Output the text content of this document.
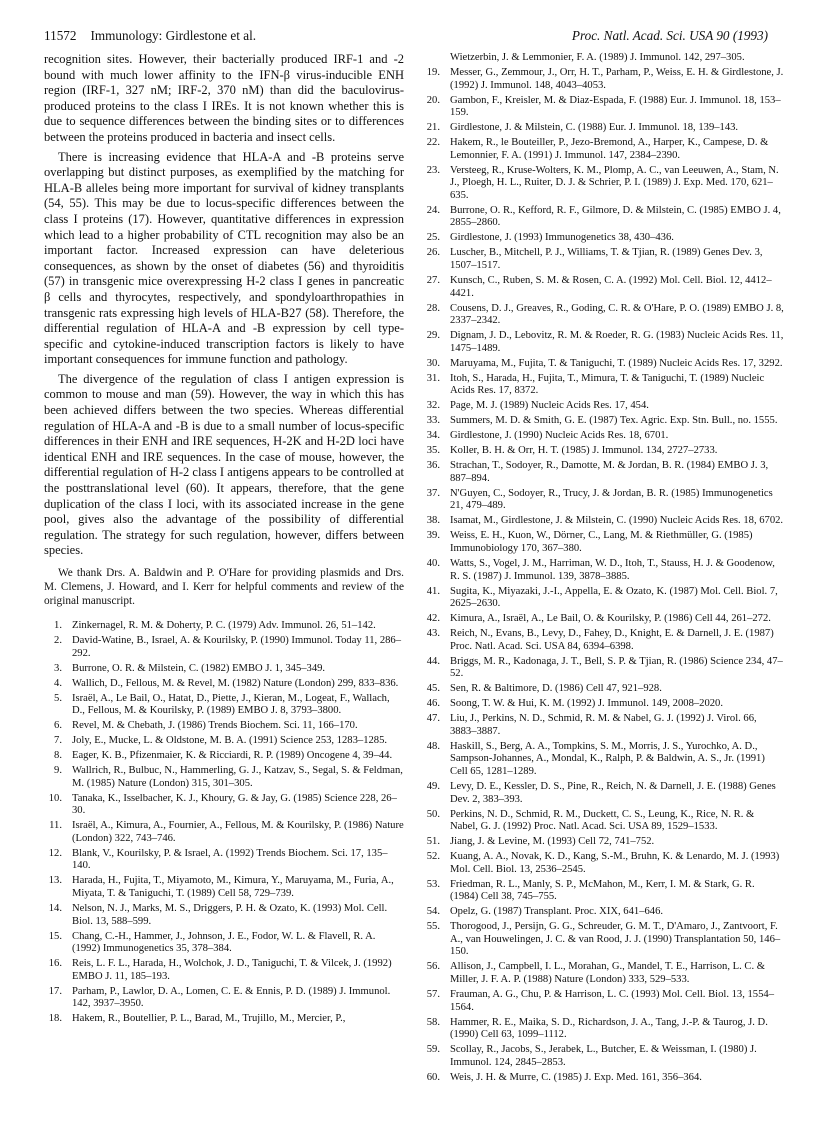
11572 Immunology: Girdlestone et al.	Proc. Natl. Acad. Sci. USA 90 (1993)

recognition sites. However, their bacterially produced IRF-1 and -2 bound with much lower affinity to the IFN-β virus-inducible ENH region (IRF-1, 327 nM; IRF-2, 370 nM) than did the baculovirus-produced proteins to the class I IREs. It is not known whether this is due to sequence differences between the binding sites or to differences between the proteins produced in bacteria and insect cells.

There is increasing evidence that HLA-A and -B proteins serve overlapping but distinct purposes, as exemplified by the matching for HLA-B alleles being more important for survival of kidney transplants (54, 55). This may be due to locus-specific differences between the class I proteins (17). However, quantitative differences in expression which lead to a higher probability of CTL recognition may also be an important factor. Increased expression can have deleterious consequences, as shown by the onset of diabetes (56) and thyroiditis (57) in transgenic mice overexpressing H-2 class I genes in pancreatic β cells and thyrocytes, respectively, and spondyloarthropathies in transgenic rats expressing high levels of HLA-B27 (58). Therefore, the differential regulation of HLA-A and -B expression by cell type-specific and cytokine-induced transcription factors is likely to have important consequences for immune function and pathology.

The divergence of the regulation of class I antigen expression is common to mouse and man (59). However, the way in which this has been achieved differs between the two species. Whereas differential regulation of HLA-A and -B is due to a small number of locus-specific differences in their ENH and IRE sequences, H-2K and H-2D loci have identical ENH and IRE sequences. In the case of mouse, however, the differential regulation of H-2 class I antigens appears to be controlled at the posttranslational level (60). It appears, therefore, that the gene duplication of the class I loci, with its associated increase in the gene pool, gives also the advantage of the possibility of differential regulation. The strategy for such regulation, however, differs between species.

We thank Drs. A. Baldwin and P. O'Hare for providing plasmids and Drs. M. Clemens, J. Howard, and I. Kerr for helpful comments and review of the original manuscript.

1. Zinkernagel, R. M. & Doherty, P. C. (1979) Adv. Immunol. 26, 51–142.
2. David-Watine, B., Israel, A. & Kourilsky, P. (1990) Immunol. Today 11, 286–292.
3. Burrone, O. R. & Milstein, C. (1982) EMBO J. 1, 345–349.
4. Wallich, D., Fellous, M. & Revel, M. (1982) Nature (London) 299, 833–836.
5. Israël, A., Le Bail, O., Hatat, D., Piette, J., Kieran, M., Logeat, F., Wallach, D., Fellous, M. & Kourilsky, P. (1989) EMBO J. 8, 3793–3800.
6. Revel, M. & Chebath, J. (1986) Trends Biochem. Sci. 11, 166–170.
7. Joly, E., Mucke, L. & Oldstone, M. B. A. (1991) Science 253, 1283–1285.
8. Eager, K. B., Pfizenmaier, K. & Ricciardi, R. P. (1989) Oncogene 4, 39–44.
9. Wallrich, R., Bulbuc, N., Hammerling, G. J., Katzav, S., Segal, S. & Feldman, M. (1985) Nature (London) 315, 301–305.
10. Tanaka, K., Isselbacher, K. J., Khoury, G. & Jay, G. (1985) Science 228, 26–30.
11. Israël, A., Kimura, A., Fournier, A., Fellous, M. & Kourilsky, P. (1986) Nature (London) 322, 743–746.
12. Blank, V., Kourilsky, P. & Israel, A. (1992) Trends Biochem. Sci. 17, 135–140.
13. Harada, H., Fujita, T., Miyamoto, M., Kimura, Y., Maruyama, M., Furia, A., Miyata, T. & Taniguchi, T. (1989) Cell 58, 729–739.
14. Nelson, N. J., Marks, M. S., Driggers, P. H. & Ozato, K. (1993) Mol. Cell. Biol. 13, 588–599.
15. Chang, C.-H., Hammer, J., Johnson, J. E., Fodor, W. L. & Flavell, R. A. (1992) Immunogenetics 35, 378–384.
16. Reis, L. F. L., Harada, H., Wolchok, J. D., Taniguchi, T. & Vilcek, J. (1992) EMBO J. 11, 185–193.
17. Parham, P., Lawlor, D. A., Lomen, C. E. & Ennis, P. D. (1989) J. Immunol. 142, 3937–3950.
18. Hakem, R., Boutellier, P. L., Barad, M., Trujillo, M., Mercier, P.,
Wietzerbin, J. & Lemmonier, F. A. (1989) J. Immunol. 142, 297–305.
19. Messer, G., Zemmour, J., Orr, H. T., Parham, P., Weiss, E. H. & Girdlestone, J. (1992) J. Immunol. 148, 4043–4053.
20. Gambon, F., Kreisler, M. & Diaz-Espada, F. (1988) Eur. J. Immunol. 18, 153–159.
21. Girdlestone, J. & Milstein, C. (1988) Eur. J. Immunol. 18, 139–143.
22. Hakem, R., le Bouteiller, P., Jezo-Bremond, A., Harper, K., Campese, D. & Lemonnier, F. A. (1991) J. Immunol. 147, 2384–2390.
23. Versteeg, R., Kruse-Wolters, K. M., Plomp, A. C., van Leeuwen, A., Stam, N. J., Ploegh, H. L., Ruiter, D. J. & Schrier, P. I. (1989) J. Exp. Med. 170, 621–635.
24. Burrone, O. R., Kefford, R. F., Gilmore, D. & Milstein, C. (1985) EMBO J. 4, 2855–2860.
25. Girdlestone, J. (1993) Immunogenetics 38, 430–436.
26. Luscher, B., Mitchell, P. J., Williams, T. & Tjian, R. (1989) Genes Dev. 3, 1507–1517.
27. Kunsch, C., Ruben, S. M. & Rosen, C. A. (1992) Mol. Cell. Biol. 12, 4412–4421.
28. Cousens, D. J., Greaves, R., Goding, C. R. & O'Hare, P. O. (1989) EMBO J. 8, 2337–2342.
29. Dignam, J. D., Lebovitz, R. M. & Roeder, R. G. (1983) Nucleic Acids Res. 11, 1475–1489.
30. Maruyama, M., Fujita, T. & Taniguchi, T. (1989) Nucleic Acids Res. 17, 3292.
31. Itoh, S., Harada, H., Fujita, T., Mimura, T. & Taniguchi, T. (1989) Nucleic Acids Res. 17, 8372.
32. Page, M. J. (1989) Nucleic Acids Res. 17, 454.
33. Summers, M. D. & Smith, G. E. (1987) Tex. Agric. Exp. Stn. Bull., no. 1555.
34. Girdlestone, J. (1990) Nucleic Acids Res. 18, 6701.
35. Koller, B. H. & Orr, H. T. (1985) J. Immunol. 134, 2727–2733.
36. Strachan, T., Sodoyer, R., Damotte, M. & Jordan, B. R. (1984) EMBO J. 3, 887–894.
37. N'Guyen, C., Sodoyer, R., Trucy, J. & Jordan, B. R. (1985) Immunogenetics 21, 479–489.
38. Isamat, M., Girdlestone, J. & Milstein, C. (1990) Nucleic Acids Res. 18, 6702.
39. Weiss, E. H., Kuon, W., Dörner, C., Lang, M. & Riethmüller, G. (1985) Immunobiology 170, 367–380.
40. Watts, S., Vogel, J. M., Harriman, W. D., Itoh, T., Stauss, H. J. & Goodenow, R. S. (1987) J. Immunol. 139, 3878–3885.
41. Sugita, K., Miyazaki, J.-I., Appella, E. & Ozato, K. (1987) Mol. Cell. Biol. 7, 2625–2630.
42. Kimura, A., Israël, A., Le Bail, O. & Kourilsky, P. (1986) Cell 44, 261–272.
43. Reich, N., Evans, B., Levy, D., Fahey, D., Knight, E. & Darnell, J. E. (1987) Proc. Natl. Acad. Sci. USA 84, 6394–6398.
44. Briggs, M. R., Kadonaga, J. T., Bell, S. P. & Tjian, R. (1986) Science 234, 47–52.
45. Sen, R. & Baltimore, D. (1986) Cell 47, 921–928.
46. Soong, T. W. & Hui, K. M. (1992) J. Immunol. 149, 2008–2020.
47. Liu, J., Perkins, N. D., Schmid, R. M. & Nabel, G. J. (1992) J. Virol. 66, 3883–3887.
48. Haskill, S., Berg, A. A., Tompkins, S. M., Morris, J. S., Yurochko, A. D., Sampson-Johannes, A., Mondal, K., Ralph, P. & Baldwin, A. S., Jr. (1991) Cell 65, 1281–1289.
49. Levy, D. E., Kessler, D. S., Pine, R., Reich, N. & Darnell, J. E. (1988) Genes Dev. 2, 383–393.
50. Perkins, N. D., Schmid, R. M., Duckett, C. S., Leung, K., Rice, N. R. & Nabel, G. J. (1992) Proc. Natl. Acad. Sci. USA 89, 1529–1533.
51. Jiang, J. & Levine, M. (1993) Cell 72, 741–752.
52. Kuang, A. A., Novak, K. D., Kang, S.-M., Bruhn, K. & Lenardo, M. J. (1993) Mol. Cell. Biol. 13, 2536–2545.
53. Friedman, R. L., Manly, S. P., McMahon, M., Kerr, I. M. & Stark, G. R. (1984) Cell 38, 745–755.
54. Opelz, G. (1987) Transplant. Proc. XIX, 641–646.
55. Thorogood, J., Persijn, G. G., Schreuder, G. M. T., D'Amaro, J., Zantvoort, F. A., van Houwelingen, J. C. & van Rood, J. J. (1990) Transplantation 50, 146–150.
56. Allison, J., Campbell, I. L., Morahan, G., Mandel, T. E., Harrison, L. C. & Miller, J. F. A. P. (1988) Nature (London) 333, 529–533.
57. Frauman, A. G., Chu, P. & Harrison, L. C. (1993) Mol. Cell. Biol. 13, 1554–1564.
58. Hammer, R. E., Maika, S. D., Richardson, J. A., Tang, J.-P. & Taurog, J. D. (1990) Cell 63, 1099–1112.
59. Scollay, R., Jacobs, S., Jerabek, L., Butcher, E. & Weissman, I. (1980) J. Immunol. 124, 2845–2853.
60. Weis, J. H. & Murre, C. (1985) J. Exp. Med. 161, 356–364.
